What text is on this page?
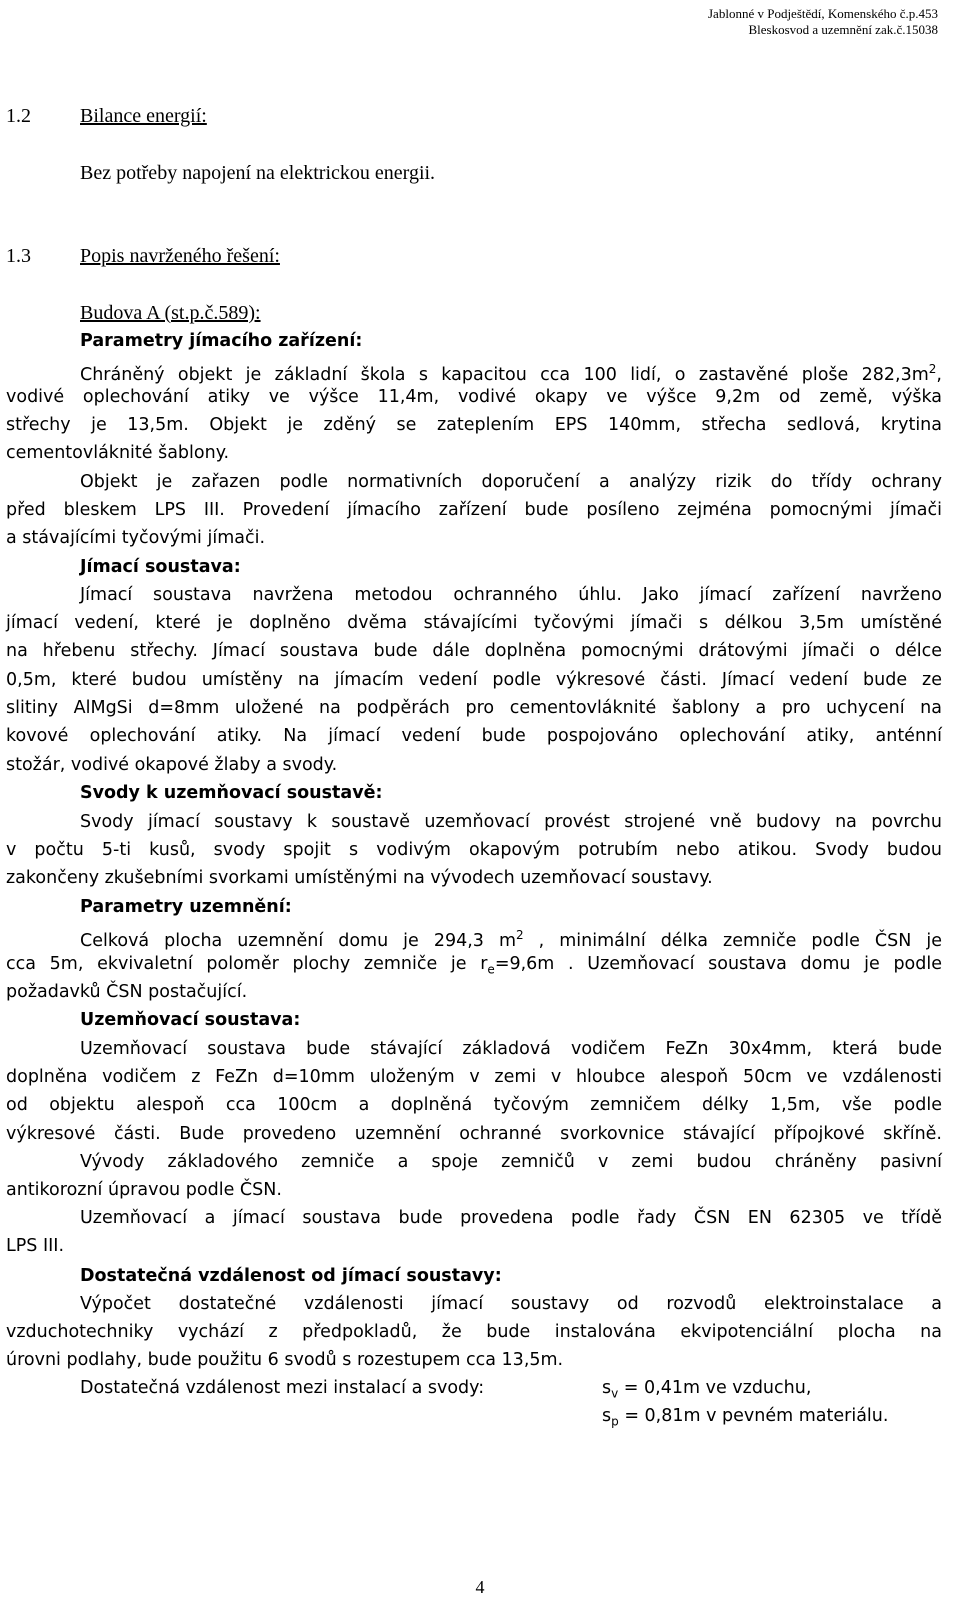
Jablonné v Podještědí, Komenského č.p.453
Bleskosvod a uzemnění zak.č.15038
1.2 Bilance energií:
Bez potřeby napojení na elektrickou energii.
1.3 Popis navrženého řešení:
Budova A (st.p.č.589):
Parametry jímacího zařízení:
Chráněný objekt je základní škola s kapacitou cca 100 lidí, o zastavěné ploše $282,3m^2$,
vodivé oplechování atiky ve výšce 11,4m, vodivé okapy ve výšce 9,2m od země, výška
střechy je 13,5m. Objekt je zděný se zateplením EPS 140mm, střecha sedlová, krytina
cementovláknité šablony.
Objekt je zařazen podle normativních doporučení a analýzy rizik do třídy ochrany
před bleskem LPS III. Provedení jímacího zařízení bude posíleno zejména pomocnými jímači
a stávajícími tyčovými jímači.
Jímací soustava:
Jímací soustava navržena metodou ochranného úhlu. Jako jímací zařízení navrženo
jímací vedení, které je doplněno dvěma stávajícími tyčovými jímači s délkou 3,5m umístěné
na hřebenu střechy. Jímací soustava bude dále doplněna pomocnými drátovými jímači o délce
0,5m, které budou umístěny na jímacím vedení podle výkresové části. Jímací vedení bude ze
slitiny AlMgSi d=8mm uložené na podpěrách pro cementovláknité šablony a pro uchycení na
kovové oplechování atiky. Na jímací vedení bude pospojováno oplechování atiky, anténní
stožár, vodivé okapové žlaby a svody.
Svody k uzemňovací soustavě:
Svody jímací soustavy k soustavě uzemňovací provést strojené vně budovy na povrchu
v počtu 5-ti kusů, svody spojit s vodivým okapovým potrubím nebo atikou. Svody budou
zakončeny zkušebními svorkami umístěnými na vývodech uzemňovací soustavy.
Parametry uzemnění:
Celková plocha uzemnění domu je 294,3 $m^2$ , minimální délka zemniče podle ČSN je
cca 5m, ekvivaletní poloměr plochy zemniče je $r_e=9,6m$ . Uzemňovací soustava domu je podle
požadavků ČSN postačující.
Uzemňovací soustava:
Uzemňovací soustava bude stávající základová vodičem FeZn 30x4mm, která bude
doplněna vodičem z FeZn d=10mm uloženým v zemi v hloubce alespoň 50cm ve vzdálenosti
od objektu alespoň cca 100cm a doplněná tyčovým zemničem délky 1,5m, vše podle
výkresové části. Bude provedeno uzemnění ochranné svorkovnice stávající přípojkové skříně.
Vývody základového zemniče a spoje zemničů v zemi budou chráněny pasivní
antikorozní úpravou podle ČSN.
Uzemňovací a jímací soustava bude provedena podle řady ČSN EN 62305 ve třídě
LPS III.
Dostatečná vzdálenost od jímací soustavy:
Výpočet dostatečné vzdálenosti jímací soustavy od rozvodů elektroinstalace a
vzduchotechniky vychází z předpokladů, že bude instalována ekvipotenciální plocha na
úrovni podlahy, bude použitu 6 svodů s rozestupem cca 13,5m.
Dostatečná vzdálenost mezi instalací a svody:	$s_v = 0,41m$ ve vzduchu,
$s_p = 0,81m$ v pevném materiálu.
4
